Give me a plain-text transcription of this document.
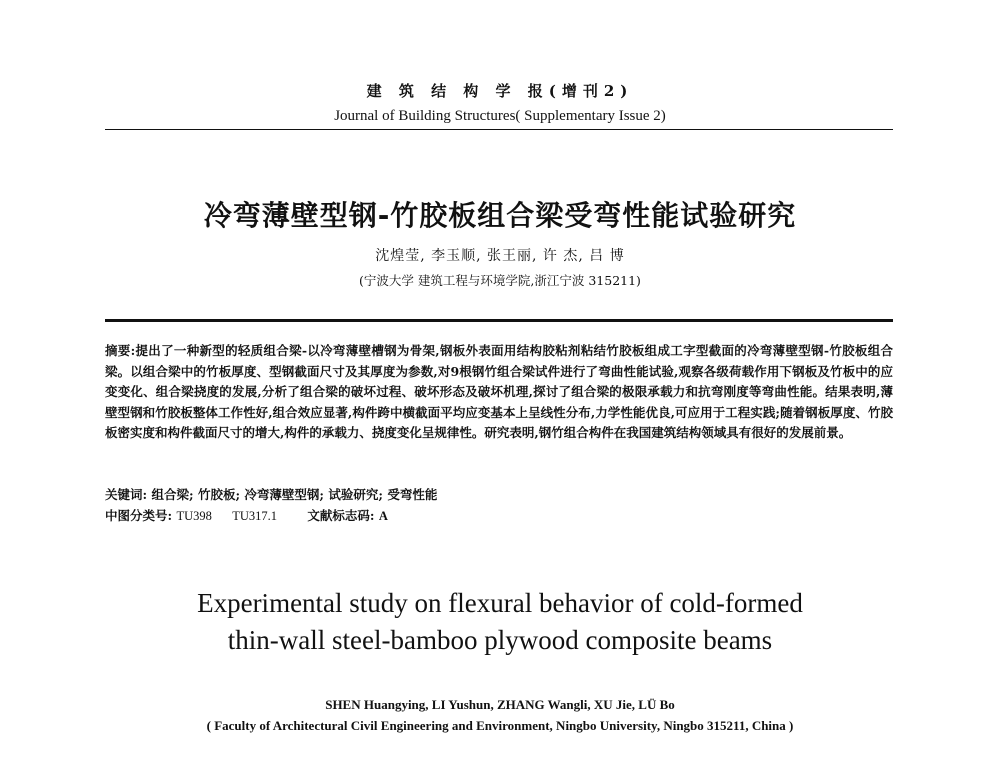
建 筑 结 构 学 报(增刊2)
Journal of Building Structures( Supplementary Issue 2)
冷弯薄壁型钢-竹胶板组合梁受弯性能试验研究
沈煌莹, 李玉顺, 张王丽, 许 杰, 吕 博
(宁波大学 建筑工程与环境学院,浙江宁波 315211)
摘要:提出了一种新型的轻质组合梁-以冷弯薄壁槽钢为骨架,钢板外表面用结构胶粘剂粘结竹胶板组成工字型截面的冷弯薄壁型钢-竹胶板组合梁。以组合梁中的竹板厚度、型钢截面尺寸及其厚度为参数,对9根钢竹组合梁试件进行了弯曲性能试验,观察各级荷载作用下钢板及竹板中的应变变化、组合梁挠度的发展,分析了组合梁的破坏过程、破坏形态及破坏机理,探讨了组合梁的极限承载力和抗弯刚度等弯曲性能。结果表明,薄壁型钢和竹胶板整体工作性好,组合效应显著,构件跨中横截面平均应变基本上呈线性分布,力学性能优良,可应用于工程实践;随着钢板厚度、竹胶板密实度和构件截面尺寸的增大,构件的承载力、挠度变化呈规律性。研究表明,钢竹组合构件在我国建筑结构领域具有很好的发展前景。
关键词: 组合梁; 竹胶板; 冷弯薄壁型钢; 试验研究; 受弯性能
中图分类号: TU398 TU317.1 文献标志码: A
Experimental study on flexural behavior of cold-formed
thin-wall steel-bamboo plywood composite beams
SHEN Huangying, LI Yushun, ZHANG Wangli, XU Jie, LÜ Bo
( Faculty of Architectural Civil Engineering and Environment, Ningbo University, Ningbo 315211, China )
